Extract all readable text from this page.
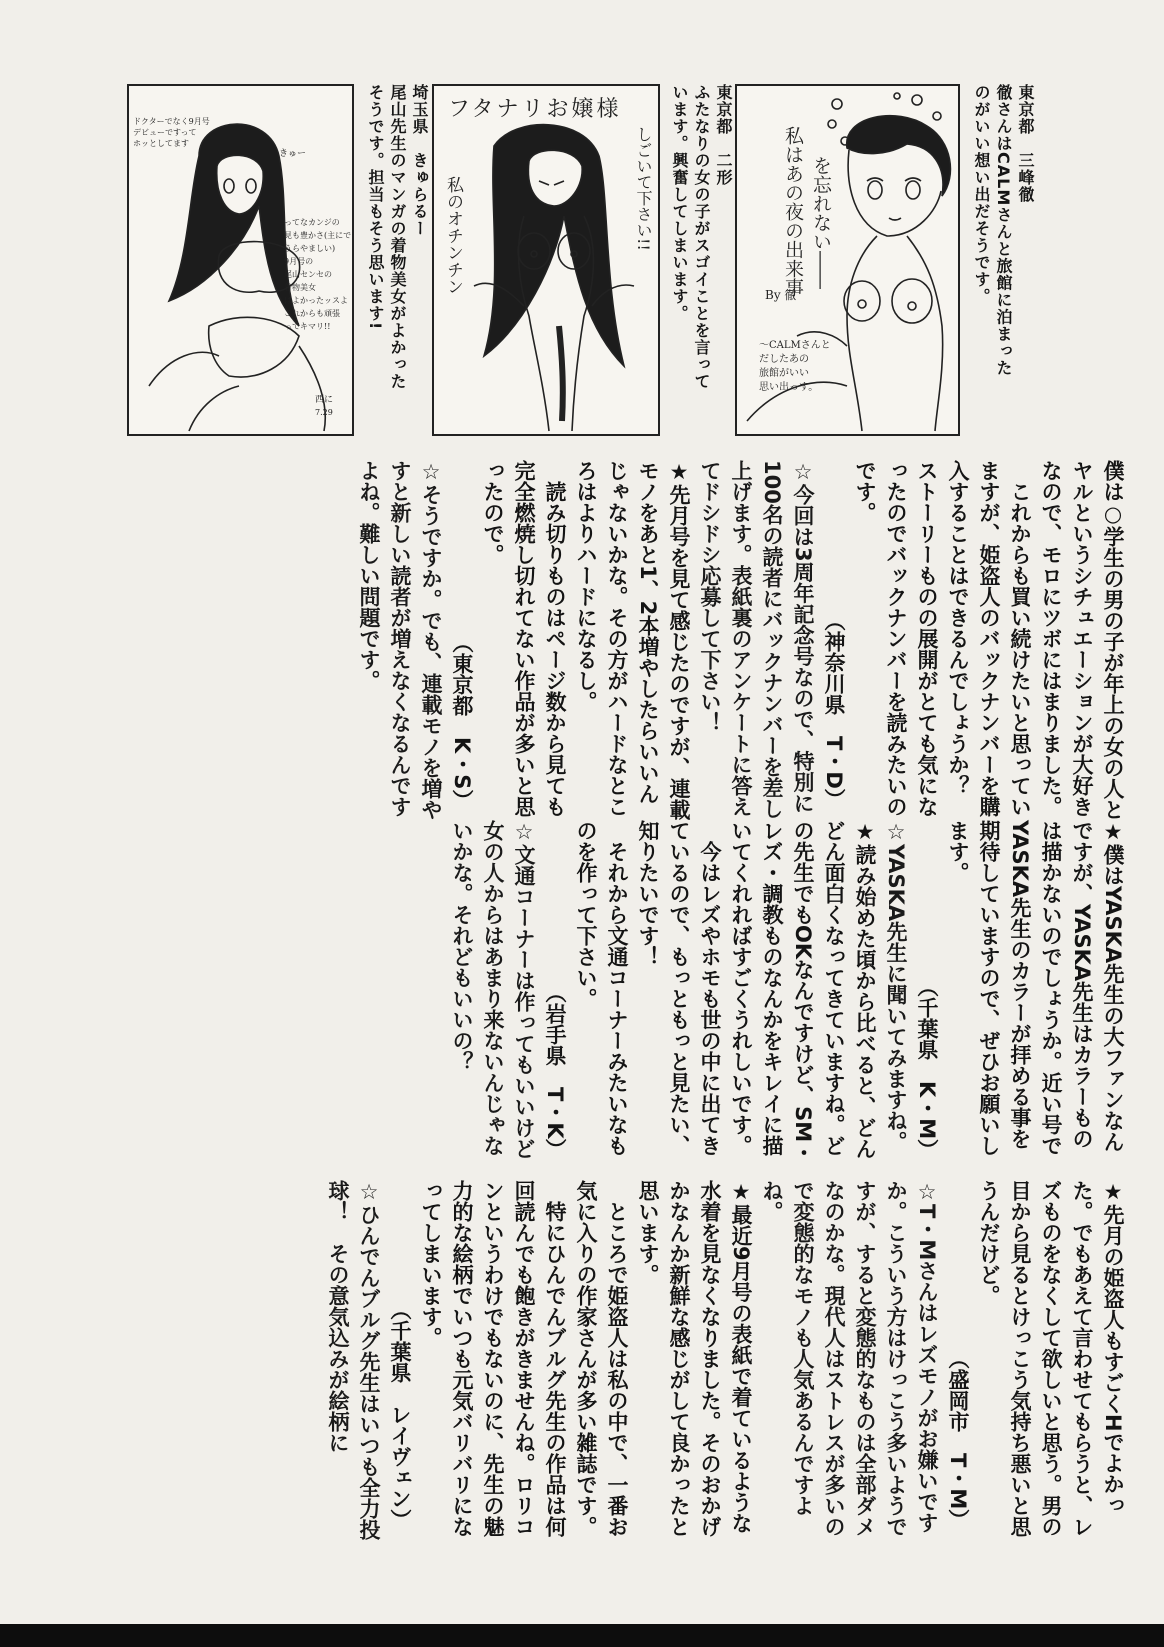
東京都　三峰徹
徹さんはCALMさんと旅館に泊まった
のがいい想い出だそうです。
私はあの夜の出来事 を忘れない――
By 徹
～CALMさんと
だしたあの
旅館がいい
思い出っす。
東京都　二形
ふたなりの女の子がスゴイことを言って
います。興奮してしまいます。
フタナリお嬢様
しごいて下さい!!
私のオチンチン
埼玉県　きゅらるー
尾山先生のマンガの着物美女がよかった
そうです。担当もそう思います!
ドクターでなく9月号
デビューですって
ホッとしてます
きゅー
ってなカンジの
見も豊かさ(主にで
うらやましい)
9月号の
尾山センセの
着物美女
はよかったッスよ
これからも頑張
ってキマリ!!
西に
7.29

僕は○学生の男の子が年上の女の人とヤルというシチュエーションが大好きなので、モロにツボにはまりました。

　これからも買い続けたいと思っていますが、姫盗人のバックナンバーを購入することはできるんでしょうか？　ストーリーものの展開がとても気になったのでバックナンバーを読みたいのです。

（神奈川県　T・D）

☆今回は3周年記念号なので、特別に100名の読者にバックナンバーを差し上げます。表紙裏のアンケートに答えてドシドシ応募して下さい！

★先月号を見て感じたのですが、連載モノをあと1、2本増やしたらいいんじゃないかな。その方がハードなところはよりハードになるし。

　読み切りものはページ数から見ても完全燃焼し切れてない作品が多いと思ったので。

（東京都　K・S）

☆そうですか。でも、連載モノを増やすと新しい読者が増えなくなるんですよね。難しい問題です。

★僕はYASKA先生の大ファンなんですが、YASKA先生はカラーものは描かないのでしょうか。近い号でYASKA先生のカラーが拝める事を期待していますので、ぜひお願いします。

（千葉県　K・M）

☆YASKA先生に聞いてみますね。

★読み始めた頃から比べると、どんどん面白くなってきていますね。どの先生でもOKなんですけど、SM・レズ・調教ものなんかをキレイに描いてくれればすごくうれしいです。

　今はレズやホモも世の中に出てきているので、もっともっと見たい、知りたいです！

　それから文通コーナーみたいなものを作って下さい。

（岩手県　T・K）

☆文通コーナーは作ってもいいけど女の人からはあまり来ないんじゃないかな。それどもいいの？

★先月の姫盗人もすごくHでよかった。でもあえて言わせてもらうと、レズものをなくして欲しいと思う。男の目から見るとけっこう気持ち悪いと思うんだけど。

（盛岡市　T・M）

☆T・Mさんはレズモノがお嫌いですか。こういう方はけっこう多いようですが、すると変態的なものは全部ダメなのかな。現代人はストレスが多いので変態的なモノも人気あるんですよね。

★最近9月号の表紙で着ているような水着を見なくなりました。そのおかげかなんか新鮮な感じがして良かったと思います。

　ところで姫盗人は私の中で、一番お気に入りの作家さんが多い雑誌です。

　特にひんでんブルグ先生の作品は何回読んでも飽きがきませんね。ロリコンというわけでもないのに、先生の魅力的な絵柄でいつも元気バリバリになってしまいます。

（千葉県　レイヴェン）

☆ひんでんブルグ先生はいつも全力投球！　その意気込みが絵柄に
